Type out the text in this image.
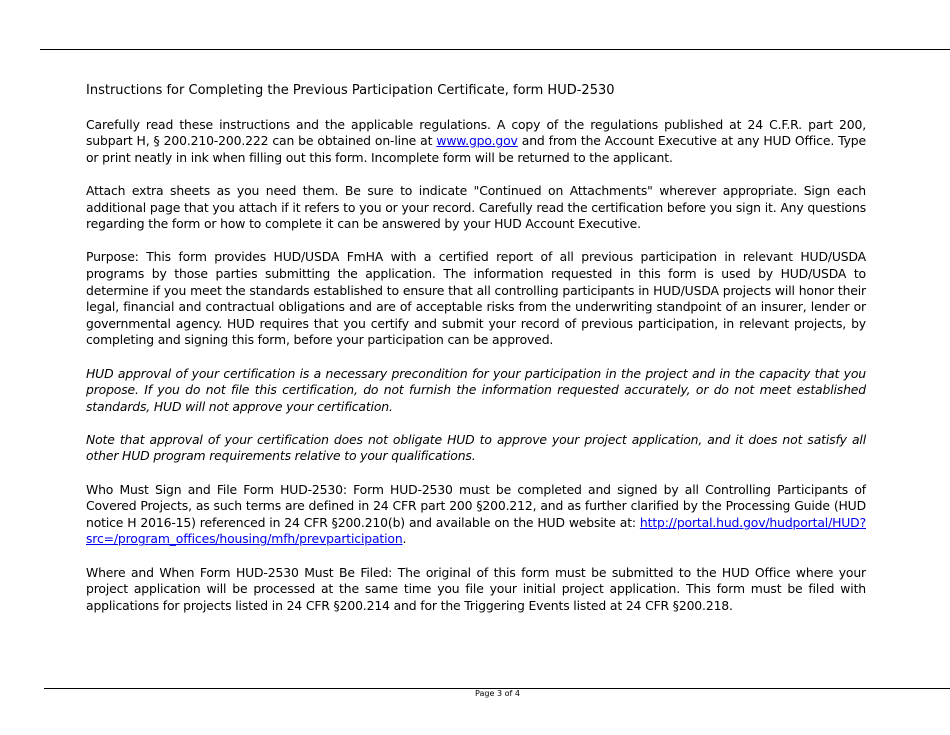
Instructions for Completing the Previous Participation Certificate, form HUD-2530

Carefully read these instructions and the applicable regulations. A copy of the regulations published at 24 C.F.R. part 200, subpart H, § 200.210-200.222 can be obtained on-line at www.gpo.gov and from the Account Executive at any HUD Office. Type or print neatly in ink when filling out this form. Incomplete form will be returned to the applicant.

Attach extra sheets as you need them. Be sure to indicate "Continued on Attachments" wherever appropriate. Sign each additional page that you attach if it refers to you or your record. Carefully read the certification before you sign it. Any questions regarding the form or how to complete it can be answered by your HUD Account Executive.

Purpose: This form provides HUD/USDA FmHA with a certified report of all previous participation in relevant HUD/USDA programs by those parties submitting the application. The information requested in this form is used by HUD/USDA to determine if you meet the standards established to ensure that all controlling participants in HUD/USDA projects will honor their legal, financial and contractual obligations and are of acceptable risks from the underwriting standpoint of an insurer, lender or governmental agency. HUD requires that you certify and submit your record of previous participation, in relevant projects, by completing and signing this form, before your participation can be approved.

HUD approval of your certification is a necessary precondition for your participation in the project and in the capacity that you propose. If you do not file this certification, do not furnish the information requested accurately, or do not meet established standards, HUD will not approve your certification.

Note that approval of your certification does not obligate HUD to approve your project application, and it does not satisfy all other HUD program requirements relative to your qualifications.

Who Must Sign and File Form HUD-2530: Form HUD-2530 must be completed and signed by all Controlling Participants of Covered Projects, as such terms are defined in 24 CFR part 200 §200.212, and as further clarified by the Processing Guide (HUD notice H 2016-15) referenced in 24 CFR §200.210(b) and available on the HUD website at: http://portal.hud.gov/hudportal/HUD?src=/program_offices/housing/mfh/prevparticipation.

Where and When Form HUD-2530 Must Be Filed: The original of this form must be submitted to the HUD Office where your project application will be processed at the same time you file your initial project application. This form must be filed with applications for projects listed in 24 CFR §200.214 and for the Triggering Events listed at 24 CFR §200.218.

Page 3 of 4
